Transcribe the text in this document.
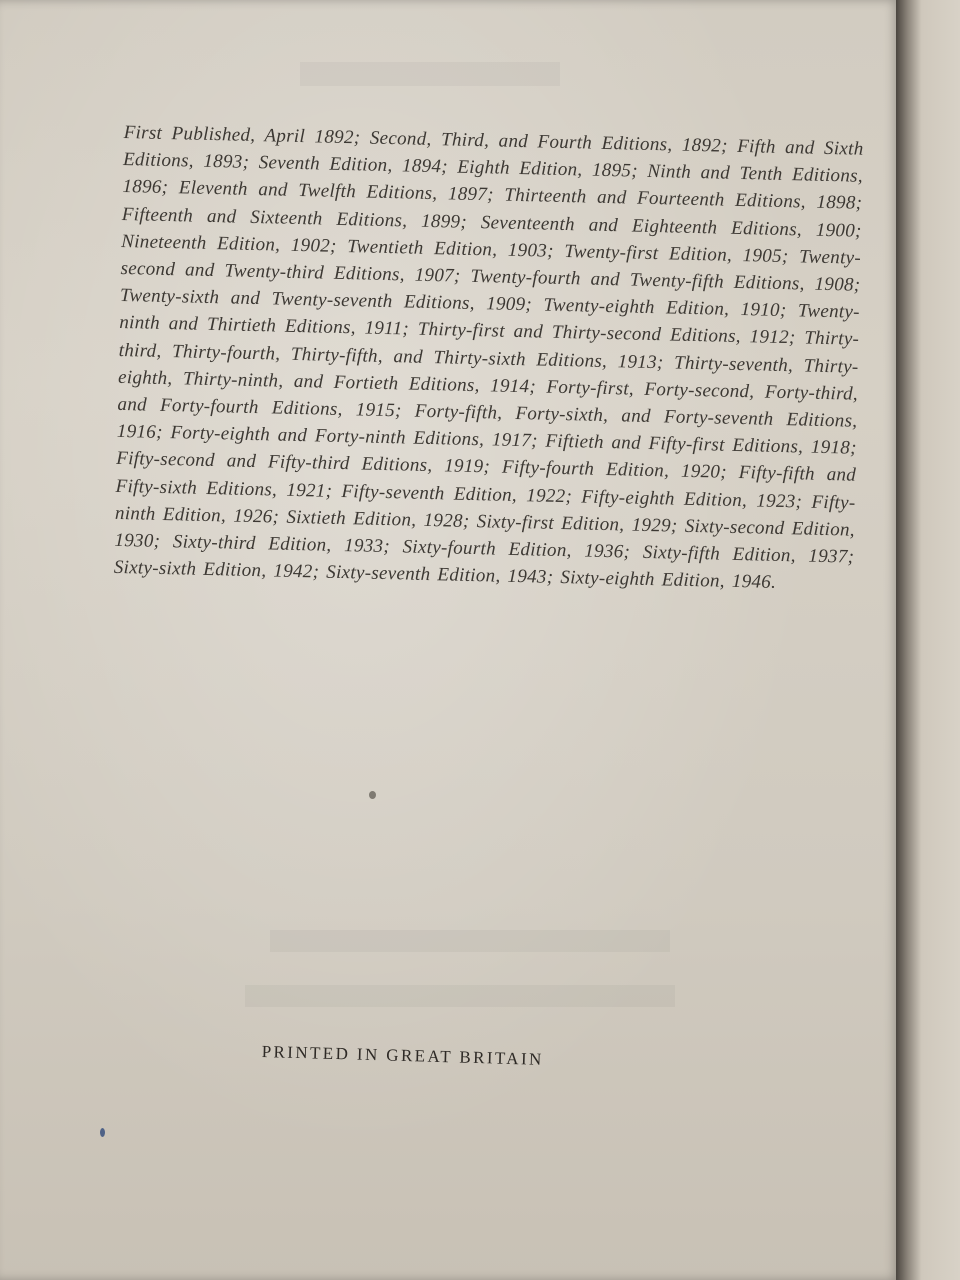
First Published, April 1892; Second, Third, and Fourth Editions, 1892; Fifth and Sixth Editions, 1893; Seventh Edition, 1894; Eighth Edition, 1895; Ninth and Tenth Editions, 1896; Eleventh and Twelfth Editions, 1897; Thirteenth and Fourteenth Editions, 1898; Fifteenth and Sixteenth Editions, 1899; Seventeenth and Eighteenth Editions, 1900; Nineteenth Edition, 1902; Twentieth Edition, 1903; Twenty-first Edition, 1905; Twenty-second and Twenty-third Editions, 1907; Twenty-fourth and Twenty-fifth Editions, 1908; Twenty-sixth and Twenty-seventh Editions, 1909; Twenty-eighth Edition, 1910; Twenty-ninth and Thirtieth Editions, 1911; Thirty-first and Thirty-second Editions, 1912; Thirty-third, Thirty-fourth, Thirty-fifth, and Thirty-sixth Editions, 1913; Thirty-seventh, Thirty-eighth, Thirty-ninth, and Fortieth Editions, 1914; Forty-first, Forty-second, Forty-third, and Forty-fourth Editions, 1915; Forty-fifth, Forty-sixth, and Forty-seventh Editions, 1916; Forty-eighth and Forty-ninth Editions, 1917; Fiftieth and Fifty-first Editions, 1918; Fifty-second and Fifty-third Editions, 1919; Fifty-fourth Edition, 1920; Fifty-fifth and Fifty-sixth Editions, 1921; Fifty-seventh Edition, 1922; Fifty-eighth Edition, 1923; Fifty-ninth Edition, 1926; Sixtieth Edition, 1928; Sixty-first Edition, 1929; Sixty-second Edition, 1930; Sixty-third Edition, 1933; Sixty-fourth Edition, 1936; Sixty-fifth Edition, 1937; Sixty-sixth Edition, 1942; Sixty-seventh Edition, 1943; Sixty-eighth Edition, 1946.

PRINTED IN GREAT BRITAIN
